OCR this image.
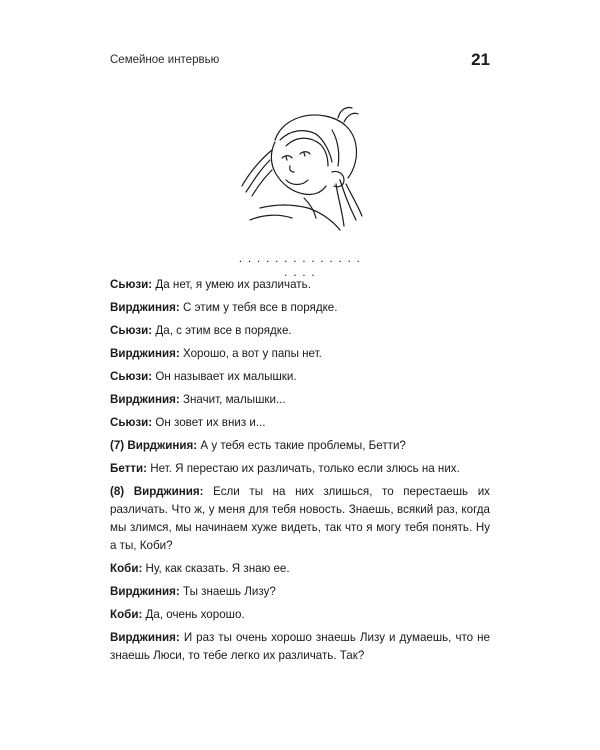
Семейное интервью	21
. . . . . . . . . . . . . . . . . .

Сьюзи: Да нет, я умею их различать.

Вирджиния: С этим у тебя все в порядке.

Сьюзи: Да, с этим все в порядке.

Вирджиния: Хорошо, а вот у папы нет.

Сьюзи: Он называет их малышки.

Вирджиния: Значит, малышки...

Сьюзи: Он зовет их вниз и...

(7) Вирджиния: А у тебя есть такие проблемы, Бетти?

Бетти: Нет. Я перестаю их различать, только если злюсь на них.

(8) Вирджиния: Если ты на них злишься, то перестаешь их различать. Что ж, у меня для тебя новость. Знаешь, всякий раз, когда мы злимся, мы начинаем хуже видеть, так что я могу тебя понять. Ну а ты, Коби?

Коби: Ну, как сказать. Я знаю ее.

Вирджиния: Ты знаешь Лизу?

Коби: Да, очень хорошо.

Вирджиния: И раз ты очень хорошо знаешь Лизу и думаешь, что не знаешь Люси, то тебе легко их различать. Так?
